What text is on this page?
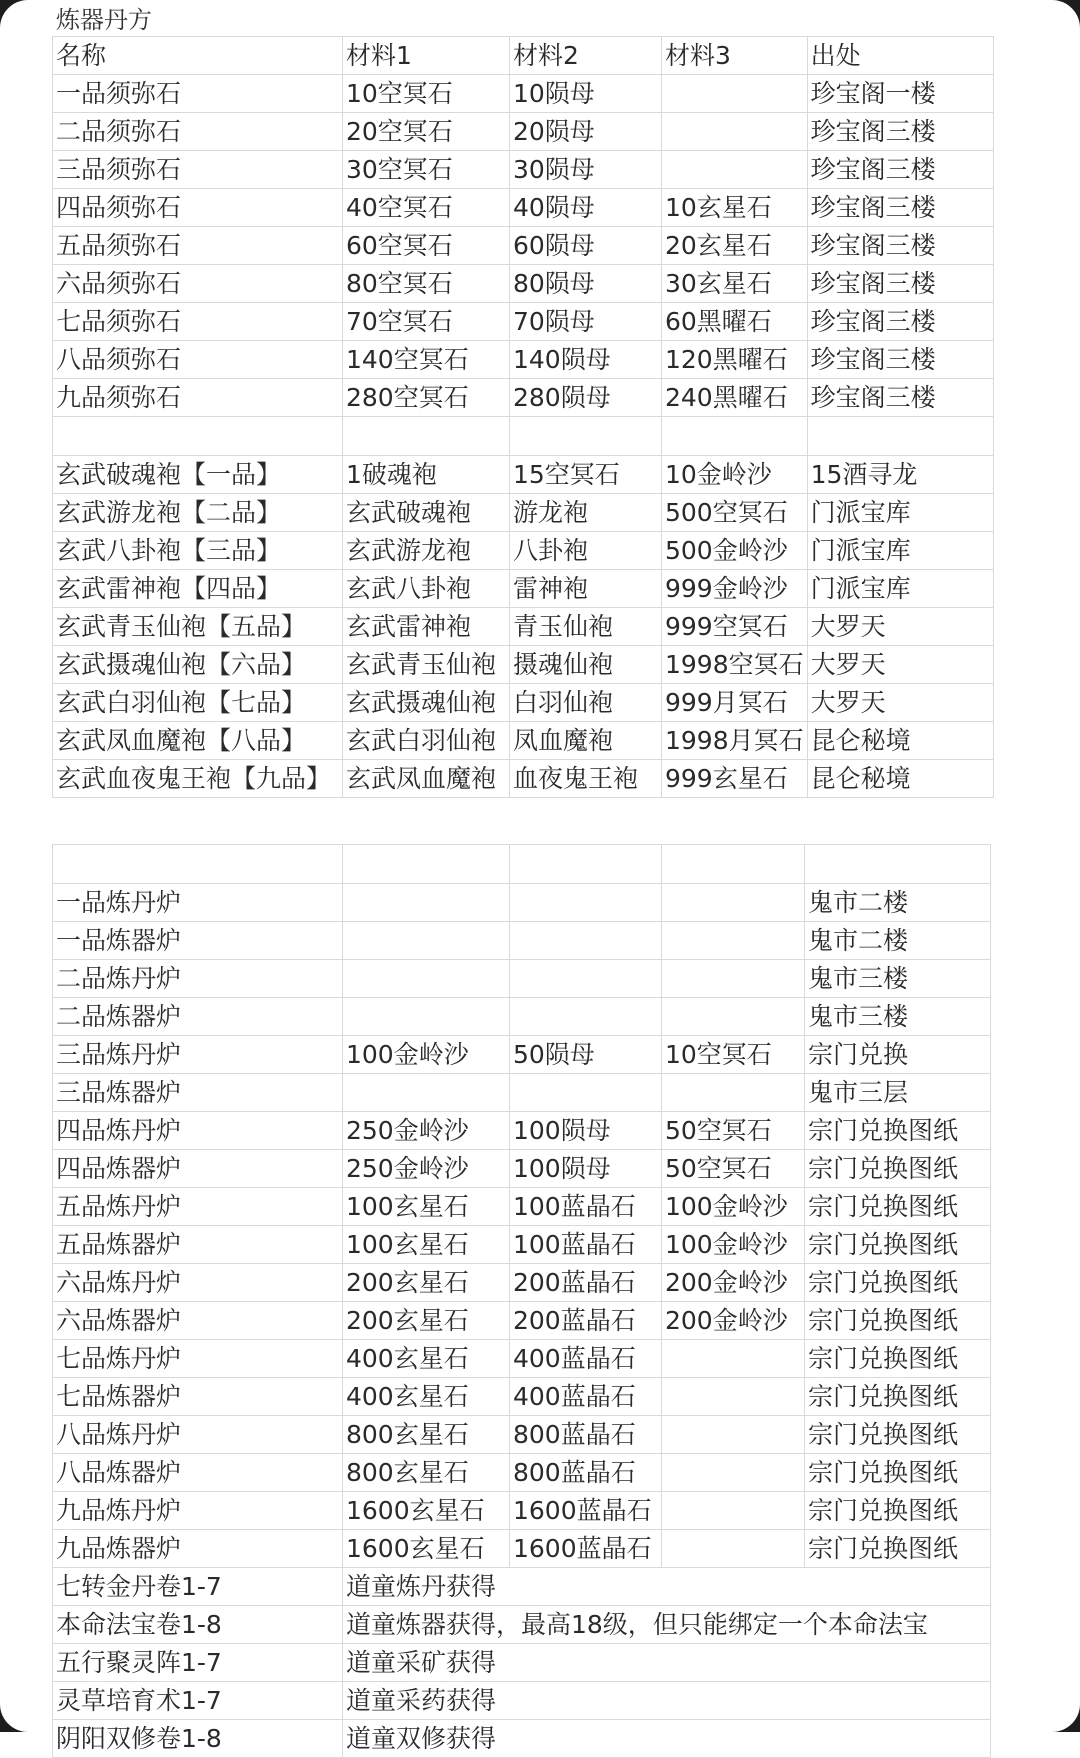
炼器丹方
名称	材料1	材料2	材料3	出处
一品须弥石	10空冥石	10陨母		珍宝阁一楼
二品须弥石	20空冥石	20陨母		珍宝阁三楼
三品须弥石	30空冥石	30陨母		珍宝阁三楼
四品须弥石	40空冥石	40陨母	10玄星石	珍宝阁三楼
五品须弥石	60空冥石	60陨母	20玄星石	珍宝阁三楼
六品须弥石	80空冥石	80陨母	30玄星石	珍宝阁三楼
七品须弥石	70空冥石	70陨母	60黑曜石	珍宝阁三楼
八品须弥石	140空冥石	140陨母	120黑曜石	珍宝阁三楼
九品须弥石	280空冥石	280陨母	240黑曜石	珍宝阁三楼

玄武破魂袍【一品】	1破魂袍	15空冥石	10金岭沙	15酒寻龙
玄武游龙袍【二品】	玄武破魂袍	游龙袍	500空冥石	门派宝库
玄武八卦袍【三品】	玄武游龙袍	八卦袍	500金岭沙	门派宝库
玄武雷神袍【四品】	玄武八卦袍	雷神袍	999金岭沙	门派宝库
玄武青玉仙袍【五品】	玄武雷神袍	青玉仙袍	999空冥石	大罗天
玄武摄魂仙袍【六品】	玄武青玉仙袍	摄魂仙袍	1998空冥石	大罗天
玄武白羽仙袍【七品】	玄武摄魂仙袍	白羽仙袍	999月冥石	大罗天
玄武凤血魔袍【八品】	玄武白羽仙袍	凤血魔袍	1998月冥石	昆仑秘境
玄武血夜鬼王袍【九品】	玄武凤血魔袍	血夜鬼王袍	999玄星石	昆仑秘境

一品炼丹炉				鬼市二楼
一品炼器炉				鬼市二楼
二品炼丹炉				鬼市三楼
二品炼器炉				鬼市三楼
三品炼丹炉	100金岭沙	50陨母	10空冥石	宗门兑换
三品炼器炉				鬼市三层
四品炼丹炉	250金岭沙	100陨母	50空冥石	宗门兑换图纸
四品炼器炉	250金岭沙	100陨母	50空冥石	宗门兑换图纸
五品炼丹炉	100玄星石	100蓝晶石	100金岭沙	宗门兑换图纸
五品炼器炉	100玄星石	100蓝晶石	100金岭沙	宗门兑换图纸
六品炼丹炉	200玄星石	200蓝晶石	200金岭沙	宗门兑换图纸
六品炼器炉	200玄星石	200蓝晶石	200金岭沙	宗门兑换图纸
七品炼丹炉	400玄星石	400蓝晶石		宗门兑换图纸
七品炼器炉	400玄星石	400蓝晶石		宗门兑换图纸
八品炼丹炉	800玄星石	800蓝晶石		宗门兑换图纸
八品炼器炉	800玄星石	800蓝晶石		宗门兑换图纸
九品炼丹炉	1600玄星石	1600蓝晶石		宗门兑换图纸
九品炼器炉	1600玄星石	1600蓝晶石		宗门兑换图纸
七转金丹卷1-7	道童炼丹获得			
本命法宝卷1-8	道童炼器获得，最高18级，但只能绑定一个本命法宝			
五行聚灵阵1-7	道童采矿获得			
灵草培育术1-7	道童采药获得			
阴阳双修卷1-8	道童双修获得			
